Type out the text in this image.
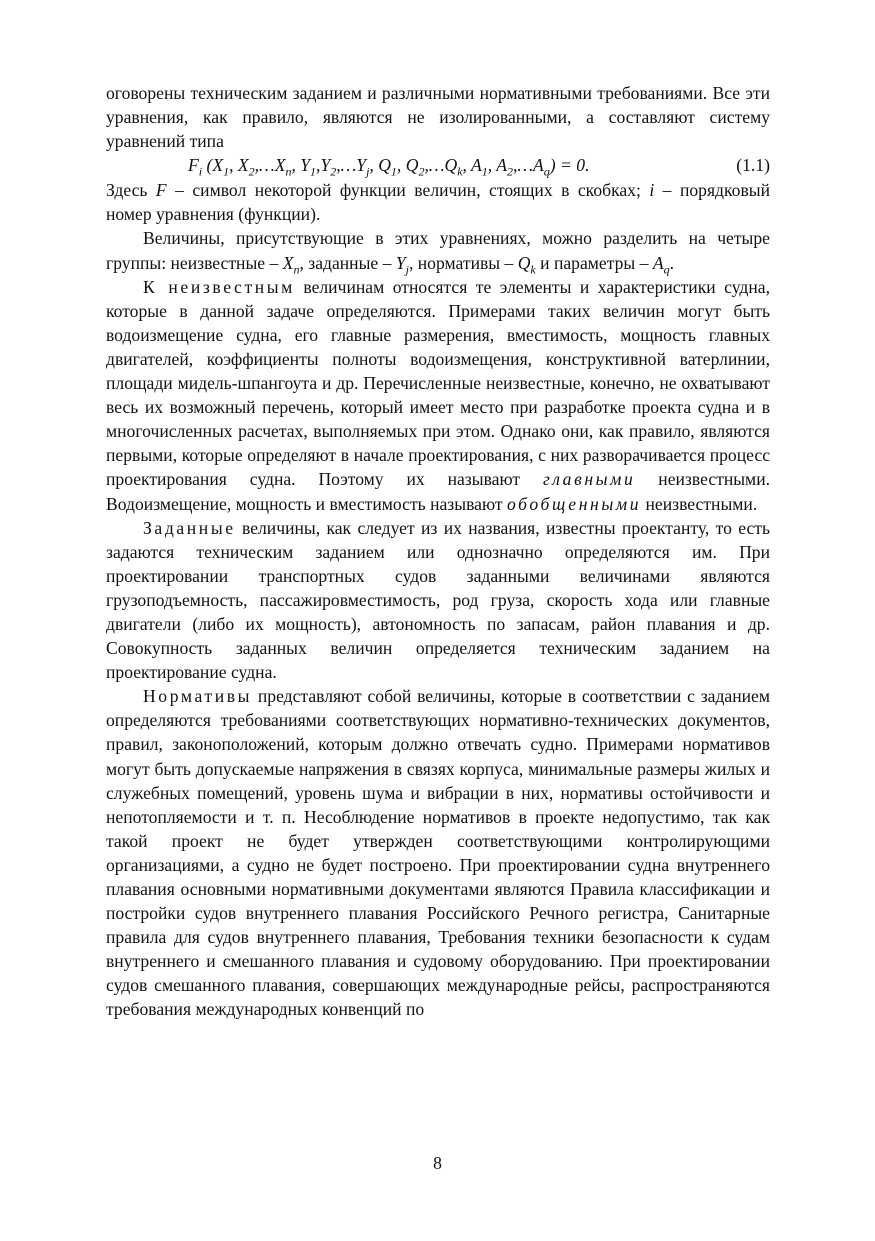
оговорены техническим заданием и различными нормативными требованиями. Все эти уравнения, как правило, являются не изолированными, а составляют систему уравнений типа

$F_i$ ($X_1$, $X_2,\dots X_n$, $Y_1,Y_2,\dots Y_j$, $Q_1$, $Q_2,\dots Q_k$, $A_1$, $A_2,\dots A_q) = 0$.	(1.1)

Здесь F – символ некоторой функции величин, стоящих в скобках; i – порядковый номер уравнения (функции).

Величины, присутствующие в этих уравнениях, можно разделить на четыре группы: неизвестные – $X_n$, заданные – $Y_j$, нормативы – $Q_k$ и параметры – $A_q$.

К неизвестным величинам относятся те элементы и характеристики судна, которые в данной задаче определяются. Примерами таких величин могут быть водоизмещение судна, его главные размерения, вместимость, мощность главных двигателей, коэффициенты полноты водоизмещения, конструктивной ватерлинии, площади мидель-шпангоута и др. Перечисленные неизвестные, конечно, не охватывают весь их возможный перечень, который имеет место при разработке проекта судна и в многочисленных расчетах, выполняемых при этом. Однако они, как правило, являются первыми, которые определяют в начале проектирования, с них разворачивается процесс проектирования судна. Поэтому их называют главными неизвестными. Водоизмещение, мощность и вместимость называют обобщенными неизвестными.

Заданные величины, как следует из их названия, известны проектанту, то есть задаются техническим заданием или однозначно определяются им. При проектировании транспортных судов заданными величинами являются грузоподъемность, пассажировместимость, род груза, скорость хода или главные двигатели (либо их мощность), автономность по запасам, район плавания и др. Совокупность заданных величин определяется техническим заданием на проектирование судна.

Нормативы представляют собой величины, которые в соответствии с заданием определяются требованиями соответствующих нормативно-технических документов, правил, законоположений, которым должно отвечать судно. Примерами нормативов могут быть допускаемые напряжения в связях корпуса, минимальные размеры жилых и служебных помещений, уровень шума и вибрации в них, нормативы остойчивости и непотопляемости и т. п. Несоблюдение нормативов в проекте недопустимо, так как такой проект не будет утвержден соответствующими контролирующими организациями, а судно не будет построено. При проектировании судна внутреннего плавания основными нормативными документами являются Правила классификации и постройки судов внутреннего плавания Российского Речного регистра, Санитарные правила для судов внутреннего плавания, Требования техники безопасности к судам внутреннего и смешанного плавания и судовому оборудованию. При проектировании судов смешанного плавания, совершающих международные рейсы, распространяются требования международных конвенций по

8
